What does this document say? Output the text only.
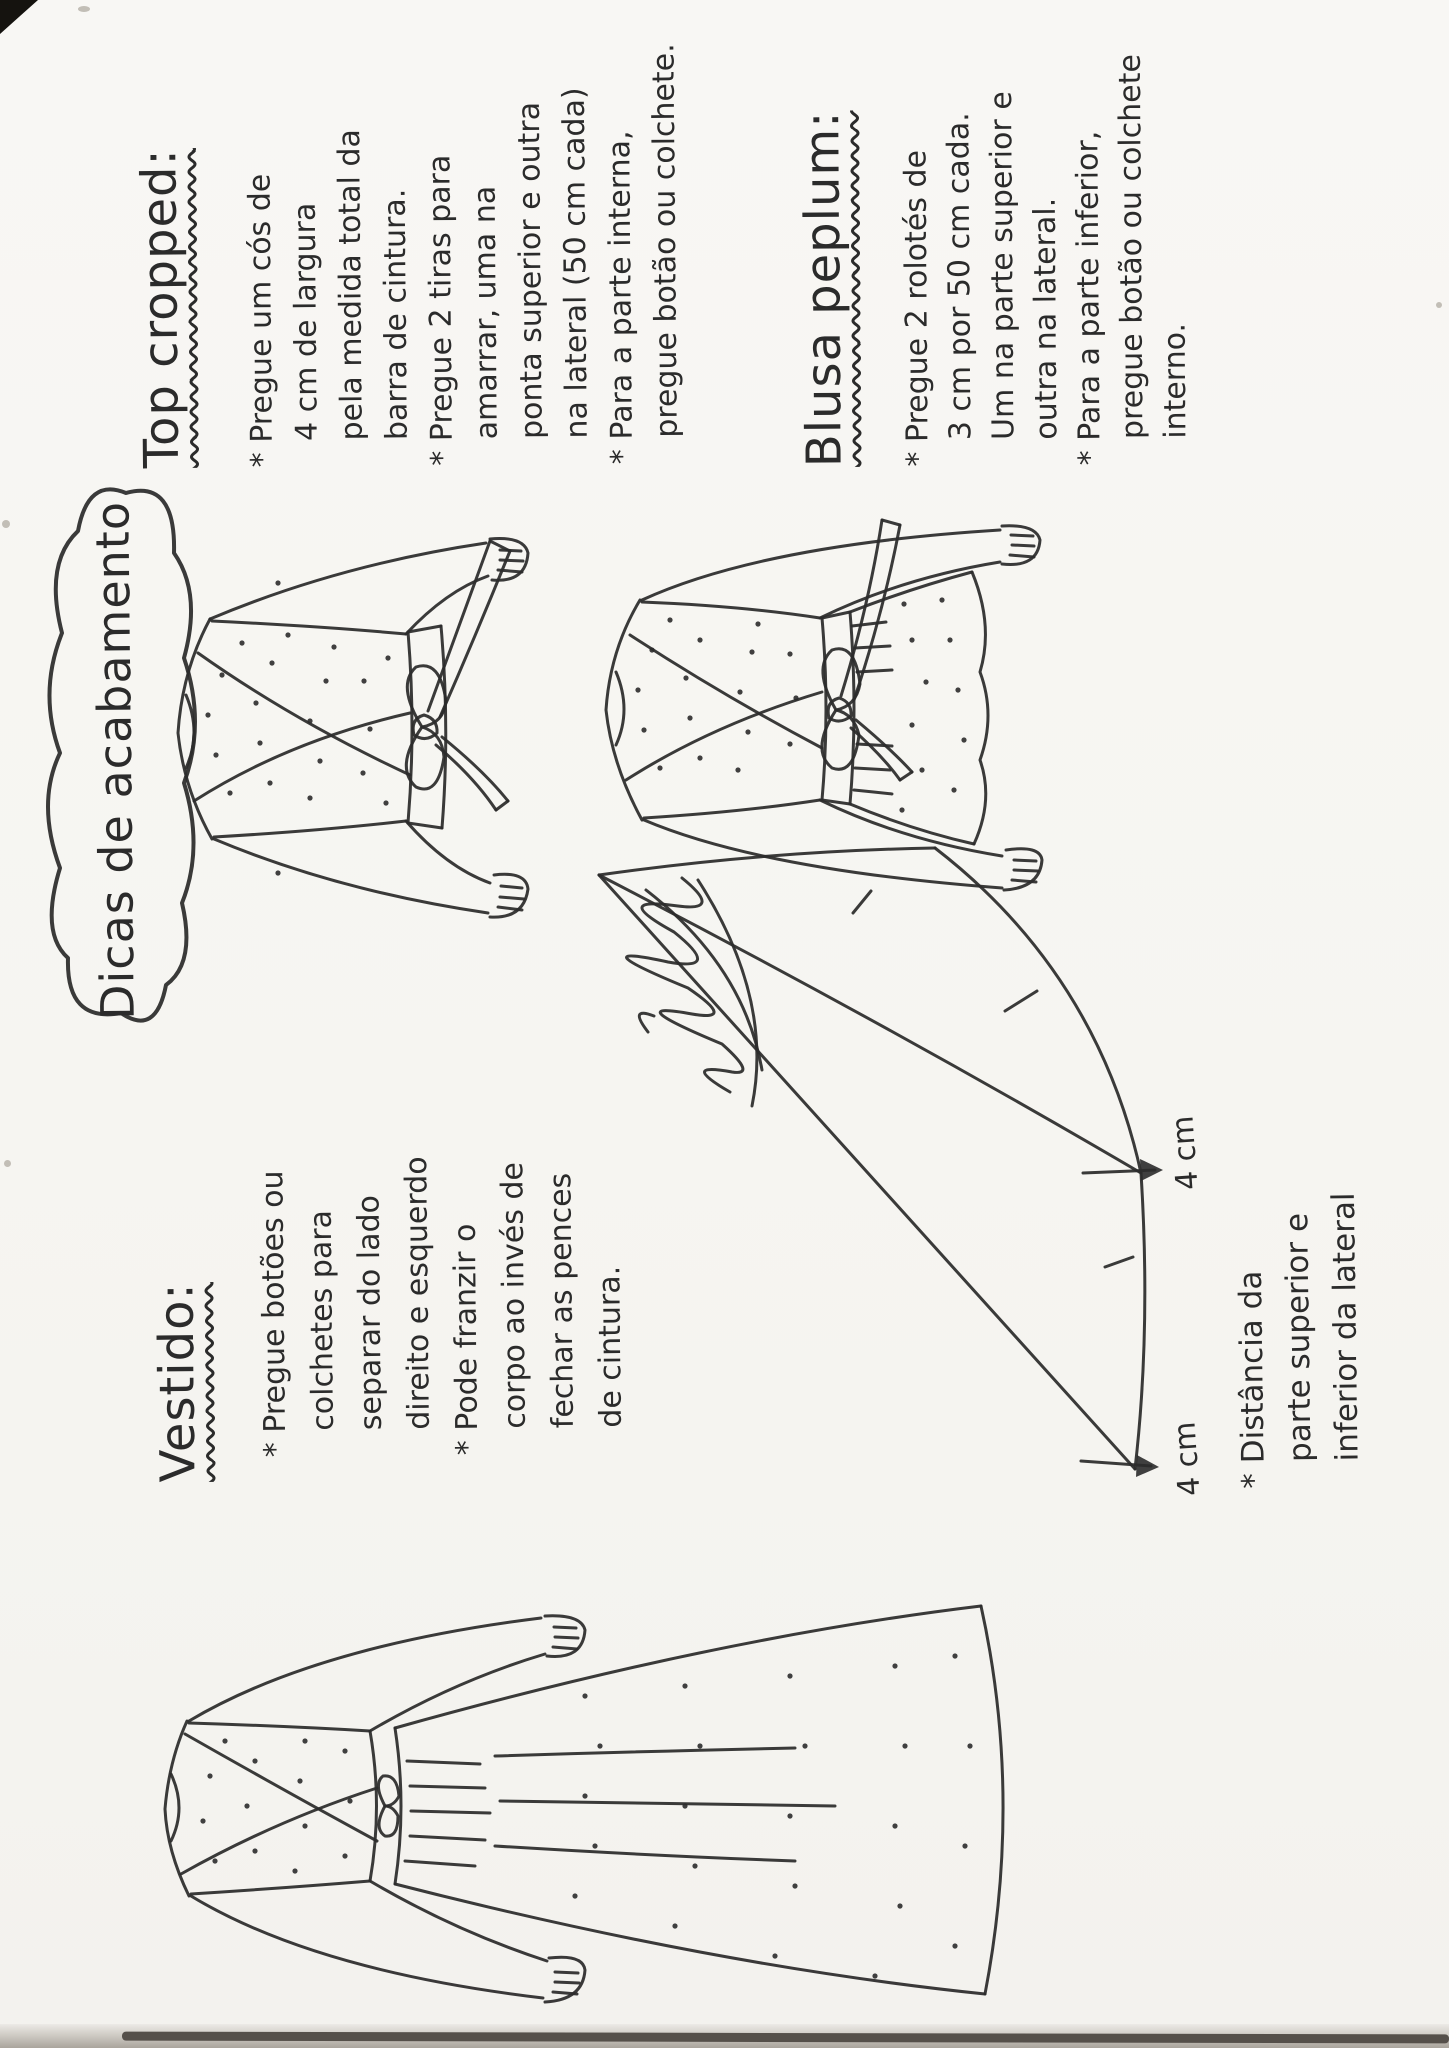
Dicas de acabamento
Top cropped: * Pregue um cós de 4 cm de largura pela medida total da barra de cintura. * Pregue 2 tiras para amarrar, uma na ponta superior e outra na lateral (50 cm cada) * Para a parte interna, pregue botão ou colchete. Blusa peplum: * Pregue 2 rolotés de 3 cm por 50 cm cada. Um na parte superior e outra na lateral. * Para a parte inferior, pregue botão ou colchete interno.
Vestido: * Pregue botões ou colchetes para separar do lado direito e esquerdo * Pode franzir o corpo ao invés de fechar as pences de cintura.
4 cm
4 cm * Distância da parte superior e inferior da lateral
